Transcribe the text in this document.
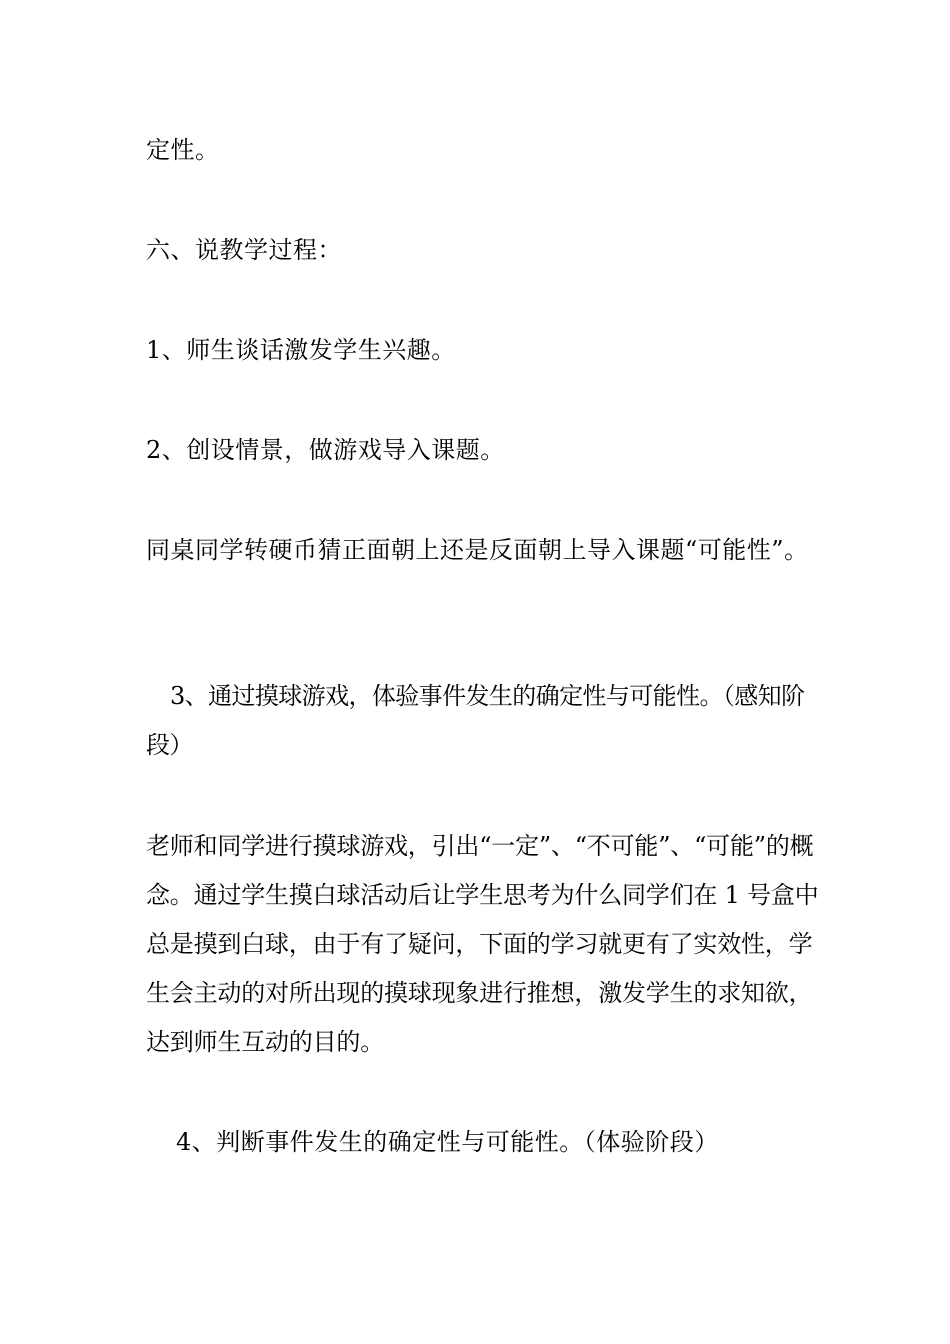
定性。

六、说教学过程：

1、师生谈话激发学生兴趣。

2、创设情景，做游戏导入课题。

同桌同学转硬币猜正面朝上还是反面朝上导入课题“可能性”。

3、通过摸球游戏，体验事件发生的确定性与可能性。（感知阶段）

老师和同学进行摸球游戏，引出“一定”、“不可能”、“可能”的概念。通过学生摸白球活动后让学生思考为什么同学们在 1 号盒中总是摸到白球，由于有了疑问，下面的学习就更有了实效性，学生会主动的对所出现的摸球现象进行推想，激发学生的求知欲，达到师生互动的目的。

4、判断事件发生的确定性与可能性。（体验阶段）
